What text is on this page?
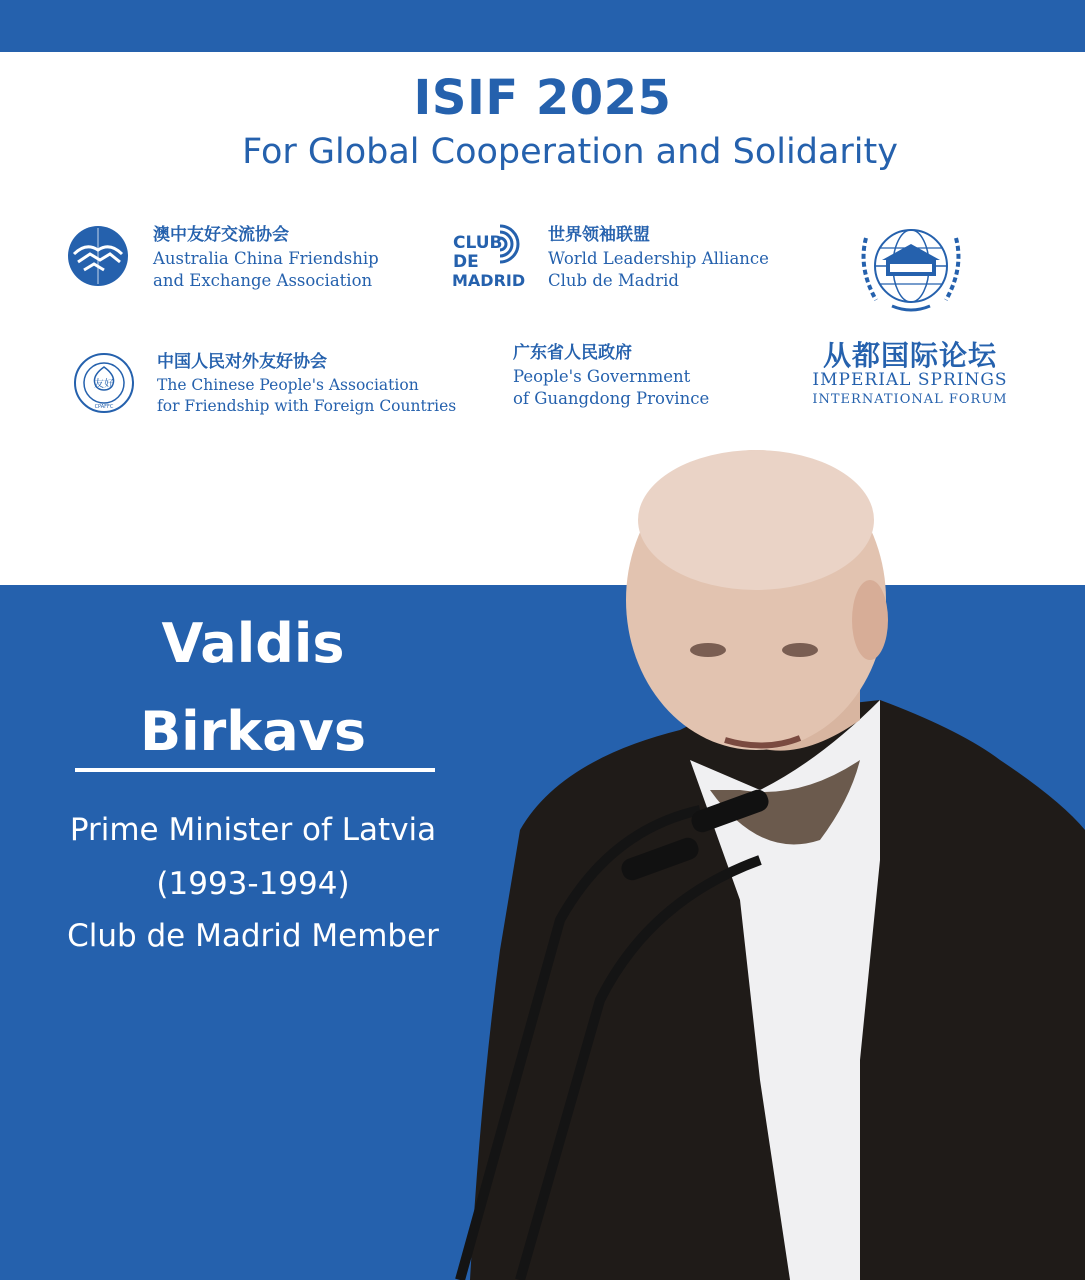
ISIF 2025
For Global Cooperation and Solidarity
澳中友好交流协会
Australia China Friendship
and Exchange Association
CLUB
DE
MADRID
世界领袖联盟
World Leadership Alliance
Club de Madrid
从都国际论坛
IMPERIAL SPRINGS
INTERNATIONAL FORUM
友好
CPAFFC
中国人民对外友好协会
The Chinese People's Association
for Friendship with Foreign Countries
广东省人民政府
People's Government
of Guangdong Province
Valdis
Birkavs
Prime Minister of Latvia
(1993-1994)
Club de Madrid Member
